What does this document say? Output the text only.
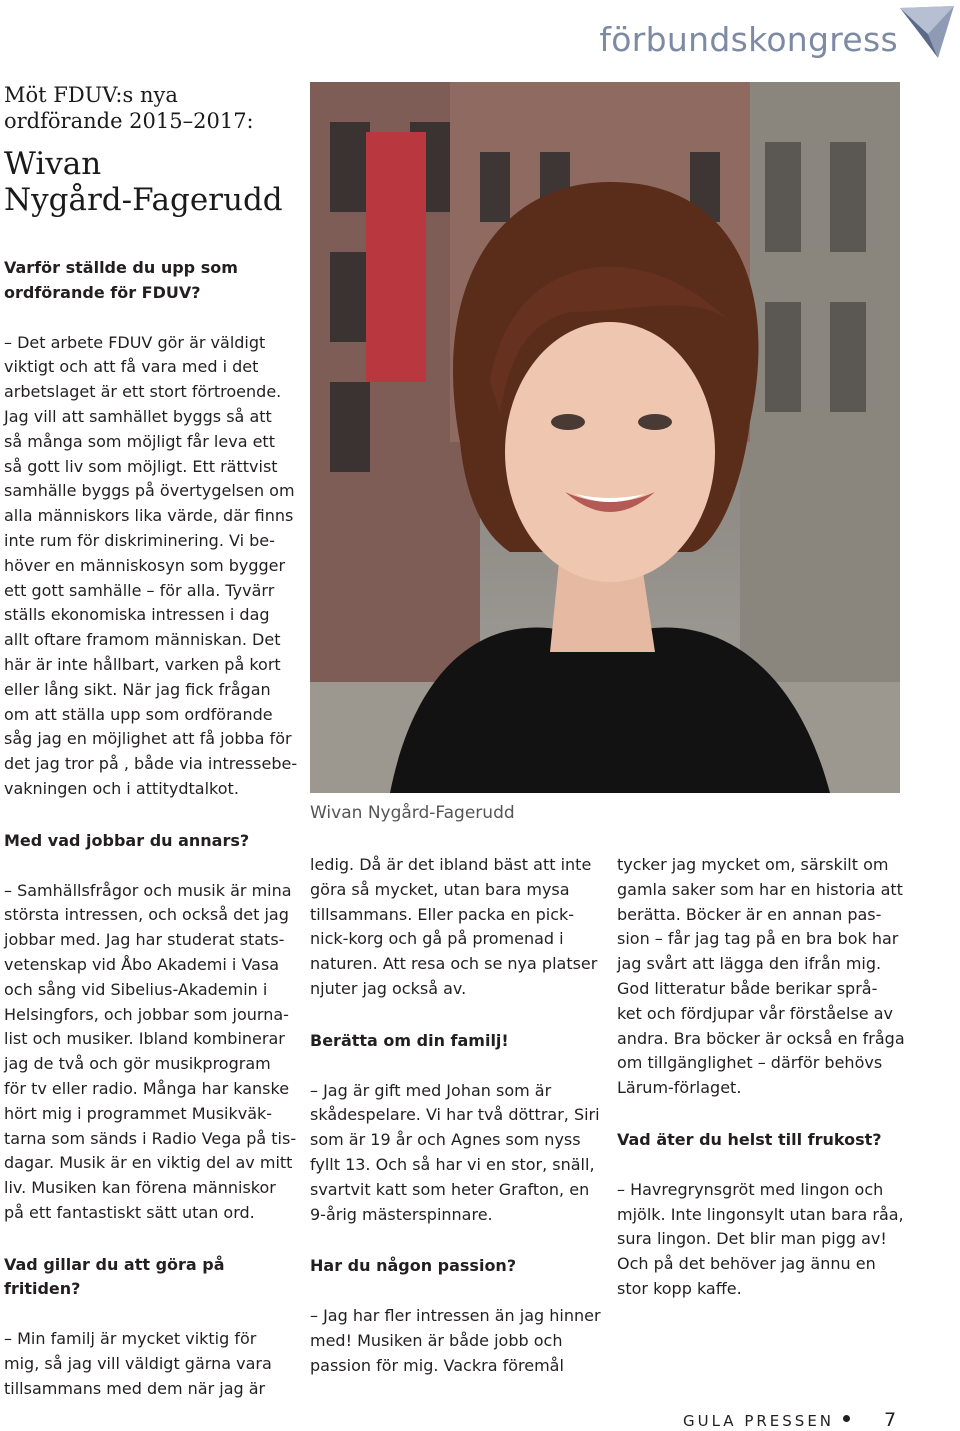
förbundskongress
Möt FDUV:s nya
ordförande 2015–2017:
Wivan
Nygård-Fagerudd

Varför ställde du upp som
ordförande för FDUV?

– Det arbete FDUV gör är väldigt
viktigt och att få vara med i det
arbetslaget är ett stort förtroende.
Jag vill att samhället byggs så att
så många som möjligt får leva ett
så gott liv som möjligt. Ett rättvist
samhälle byggs på övertygelsen om
alla människors lika värde, där finns
inte rum för diskriminering. Vi be-
höver en människosyn som bygger
ett gott samhälle – för alla. Tyvärr
ställs ekonomiska intressen i dag
allt oftare framom människan. Det
här är inte hållbart, varken på kort
eller lång sikt. När jag fick frågan
om att ställa upp som ordförande
såg jag en möjlighet att få jobba för
det jag tror på , både via intressebe-
vakningen och i attitydtalkot.

Med vad jobbar du annars?

– Samhällsfrågor och musik är mina
största intressen, och också det jag
jobbar med. Jag har studerat stats-
vetenskap vid Åbo Akademi i Vasa
och sång vid Sibelius-Akademin i
Helsingfors, och jobbar som journa-
list och musiker. Ibland kombinerar
jag de två och gör musikprogram
för tv eller radio. Många har kanske
hört mig i programmet Musikväk-
tarna som sänds i Radio Vega på tis-
dagar. Musik är en viktig del av mitt
liv. Musiken kan förena människor
på ett fantastiskt sätt utan ord.

Vad gillar du att göra på fritiden?

– Min familj är mycket viktig för
mig, så jag vill väldigt gärna vara
tillsammans med dem när jag är

Wivan Nygård-Fagerudd

ledig. Då är det ibland bäst att inte
göra så mycket, utan bara mysa
tillsammans. Eller packa en pick-
nick-korg och gå på promenad i
naturen. Att resa och se nya platser
njuter jag också av.

Berätta om din familj!

– Jag är gift med Johan som är
skådespelare. Vi har två döttrar, Siri
som är 19 år och Agnes som nyss
fyllt 13. Och så har vi en stor, snäll,
svartvit katt som heter Grafton, en
9-årig mästerspinnare.

Har du någon passion?

– Jag har fler intressen än jag hinner
med! Musiken är både jobb och
passion för mig. Vackra föremål

tycker jag mycket om, särskilt om
gamla saker som har en historia att
berätta. Böcker är en annan pas-
sion – får jag tag på en bra bok har
jag svårt att lägga den ifrån mig.
God litteratur både berikar språ-
ket och fördjupar vår förståelse av
andra. Bra böcker är också en fråga
om tillgänglighet – därför behövs
Lärum-förlaget.

Vad äter du helst till frukost?

– Havregrynsgröt med lingon och
mjölk. Inte lingonsylt utan bara råa,
sura lingon. Det blir man pigg av!
Och på det behöver jag ännu en
stor kopp kaffe.

GULA PRESSEN	7
